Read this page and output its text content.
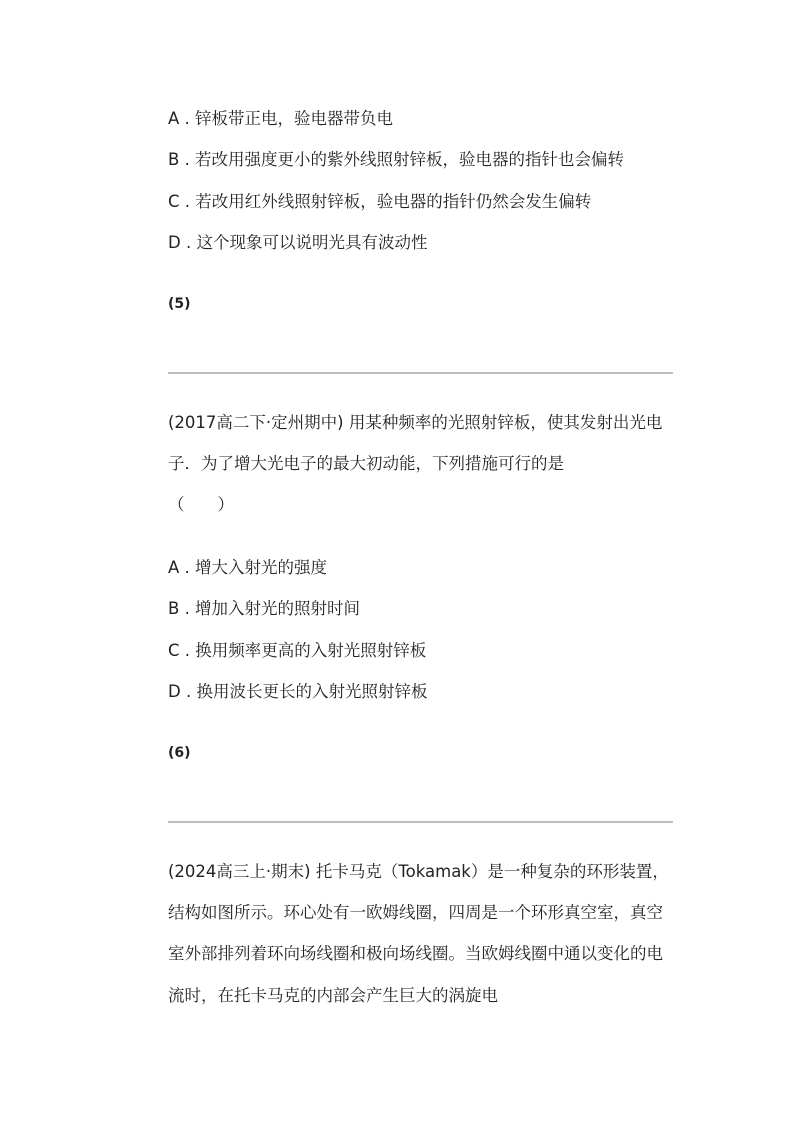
A . 锌板带正电，验电器带负电
B . 若改用强度更小的紫外线照射锌板，验电器的指针也会偏转
C . 若改用红外线照射锌板，验电器的指针仍然会发生偏转
D . 这个现象可以说明光具有波动性
(5)
(2017高二下·定州期中) 用某种频率的光照射锌板，使其发射出光电子．为了增大光电子的最大初动能，下列措施可行的是
（　　）
A . 增大入射光的强度
B . 增加入射光的照射时间
C . 换用频率更高的入射光照射锌板
D . 换用波长更长的入射光照射锌板
(6)
(2024高三上·期末) 托卡马克（Tokamak）是一种复杂的环形装置，结构如图所示。环心处有一欧姆线圈，四周是一个环形真空室，真空室外部排列着环向场线圈和极向场线圈。当欧姆线圈中通以变化的电流时，在托卡马克的内部会产生巨大的涡旋电
